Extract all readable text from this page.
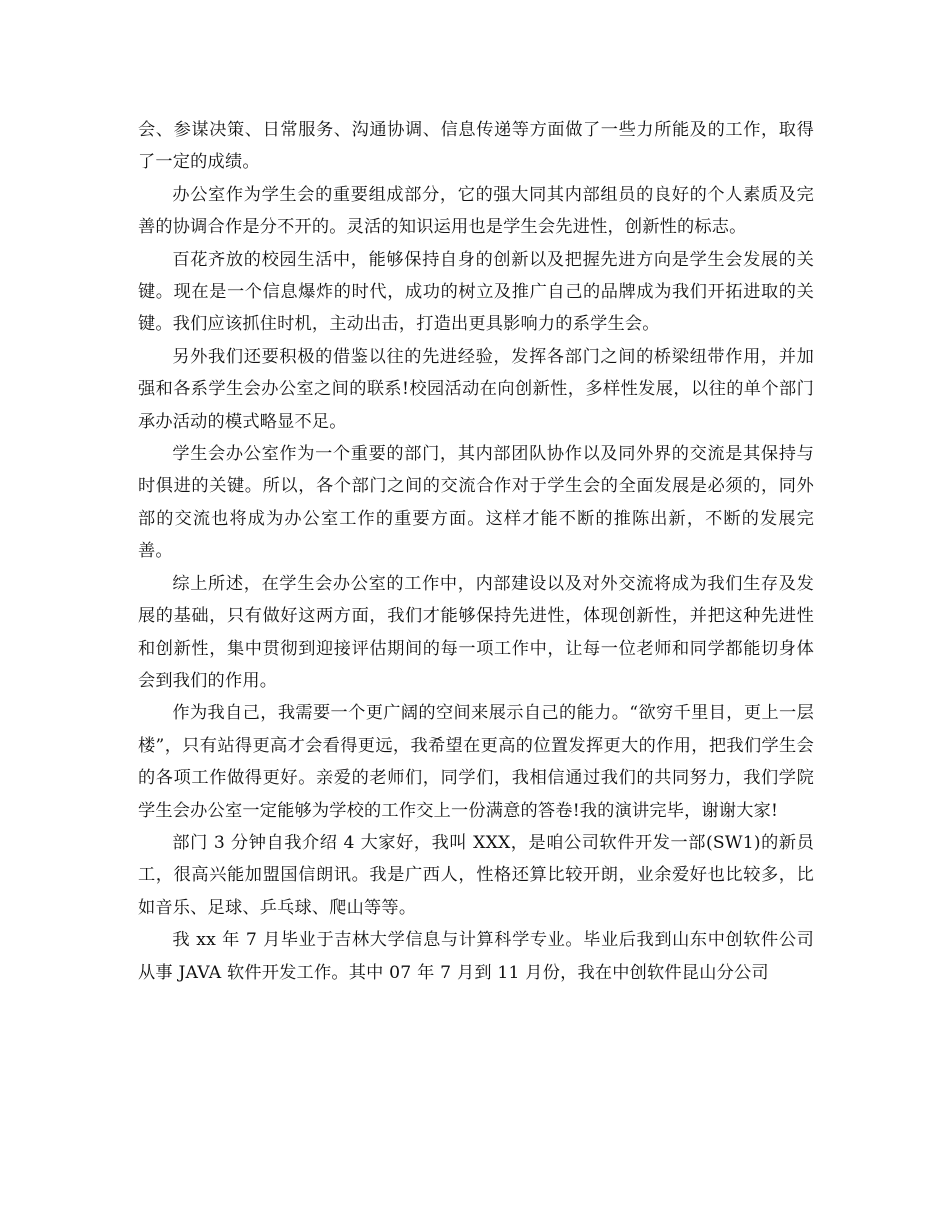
会、参谋决策、日常服务、沟通协调、信息传递等方面做了一些力所能及的工作，取得了一定的成绩。

办公室作为学生会的重要组成部分，它的强大同其内部组员的良好的个人素质及完善的协调合作是分不开的。灵活的知识运用也是学生会先进性，创新性的标志。

百花齐放的校园生活中，能够保持自身的创新以及把握先进方向是学生会发展的关键。现在是一个信息爆炸的时代，成功的树立及推广自己的品牌成为我们开拓进取的关键。我们应该抓住时机，主动出击，打造出更具影响力的系学生会。

另外我们还要积极的借鉴以往的先进经验，发挥各部门之间的桥梁纽带作用，并加强和各系学生会办公室之间的联系!校园活动在向创新性，多样性发展，以往的单个部门承办活动的模式略显不足。

学生会办公室作为一个重要的部门，其内部团队协作以及同外界的交流是其保持与时俱进的关键。所以，各个部门之间的交流合作对于学生会的全面发展是必须的，同外部的交流也将成为办公室工作的重要方面。这样才能不断的推陈出新，不断的发展完善。

综上所述，在学生会办公室的工作中，内部建设以及对外交流将成为我们生存及发展的基础，只有做好这两方面，我们才能够保持先进性，体现创新性，并把这种先进性和创新性，集中贯彻到迎接评估期间的每一项工作中，让每一位老师和同学都能切身体会到我们的作用。

作为我自己，我需要一个更广阔的空间来展示自己的能力。“欲穷千里目，更上一层楼”，只有站得更高才会看得更远，我希望在更高的位置发挥更大的作用，把我们学生会的各项工作做得更好。亲爱的老师们，同学们，我相信通过我们的共同努力，我们学院学生会办公室一定能够为学校的工作交上一份满意的答卷!我的演讲完毕，谢谢大家!

部门 3 分钟自我介绍 4 大家好，我叫 XXX，是咱公司软件开发一部(SW1)的新员工，很高兴能加盟国信朗讯。我是广西人，性格还算比较开朗，业余爱好也比较多，比如音乐、足球、乒乓球、爬山等等。

我 xx 年 7 月毕业于吉林大学信息与计算科学专业。毕业后我到山东中创软件公司从事 JAVA 软件开发工作。其中 07 年 7 月到 11 月份，我在中创软件昆山分公司
